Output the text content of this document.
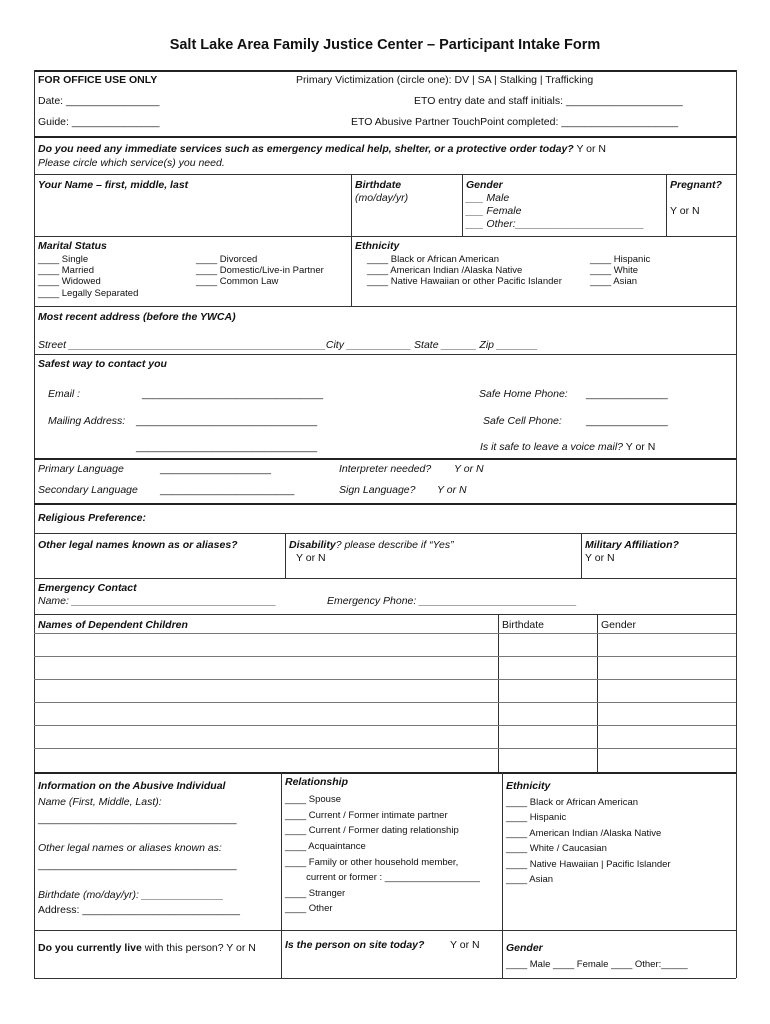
Salt Lake Area Family Justice Center – Participant Intake Form
FOR OFFICE USE ONLY	Primary Victimization (circle one): DV | SA | Stalking | Trafficking
Date: ________________	ETO entry date and staff initials: ____________________
Guide: _______________	ETO Abusive Partner TouchPoint completed: ____________________
Do you need any immediate services such as emergency medical help, shelter, or a protective order today? Y or N
Please circle which service(s) you need.
Your Name – first, middle, last	Birthdate
(mo/day/yr)
Gender
___ Male
___ Female
___ Other:______________________
Pregnant?
Y or N
Marital Status
____ Single
____ Married
____ Widowed
____ Legally Separated
____ Divorced
____ Domestic/Live-in Partner
____ Common Law
Ethnicity
____ Black or African American
____ American Indian /Alaska Native
____ Native Hawaiian or other Pacific Islander
____ Hispanic
____ White
____ Asian
Most recent address (before the YWCA)
Street ____________________________________________City ___________ State ______ Zip _______
Safest way to contact you
Email :	_______________________________	Safe Home Phone: ______________
Mailing Address: _______________________________	Safe Cell Phone: ______________
_______________________________	Is it safe to leave a voice mail? Y or N
Primary Language	___________________	Interpreter needed? Y or N
Secondary Language _______________________	Sign Language? Y or N
Religious Preference:
Other legal names known as or aliases?	Disability? please describe if “Yes”
Y or N
Military Affiliation?
Y or N
Emergency Contact
Name: ___________________________________	Emergency Phone: ___________________________
Names of Dependent Children	Birthdate	Gender
Information on the Abusive Individual
Name (First, Middle, Last):
__________________________________
Other legal names or aliases known as:
__________________________________
Birthdate (mo/day/yr): ______________
Address: ___________________________
Relationship
____ Spouse
____ Current / Former intimate partner
____ Current / Former dating relationship
____ Acquaintance
____ Family or other household member,
current or former : __________________
____ Stranger
____ Other
Ethnicity
____ Black or African American
____ Hispanic
____ American Indian /Alaska Native
____ White / Caucasian
____ Native Hawaiian | Pacific Islander
____ Asian
Do you currently live with this person? Y or N	Is the person on site today? Y or N	Gender
____ Male ____ Female ____ Other:_____
